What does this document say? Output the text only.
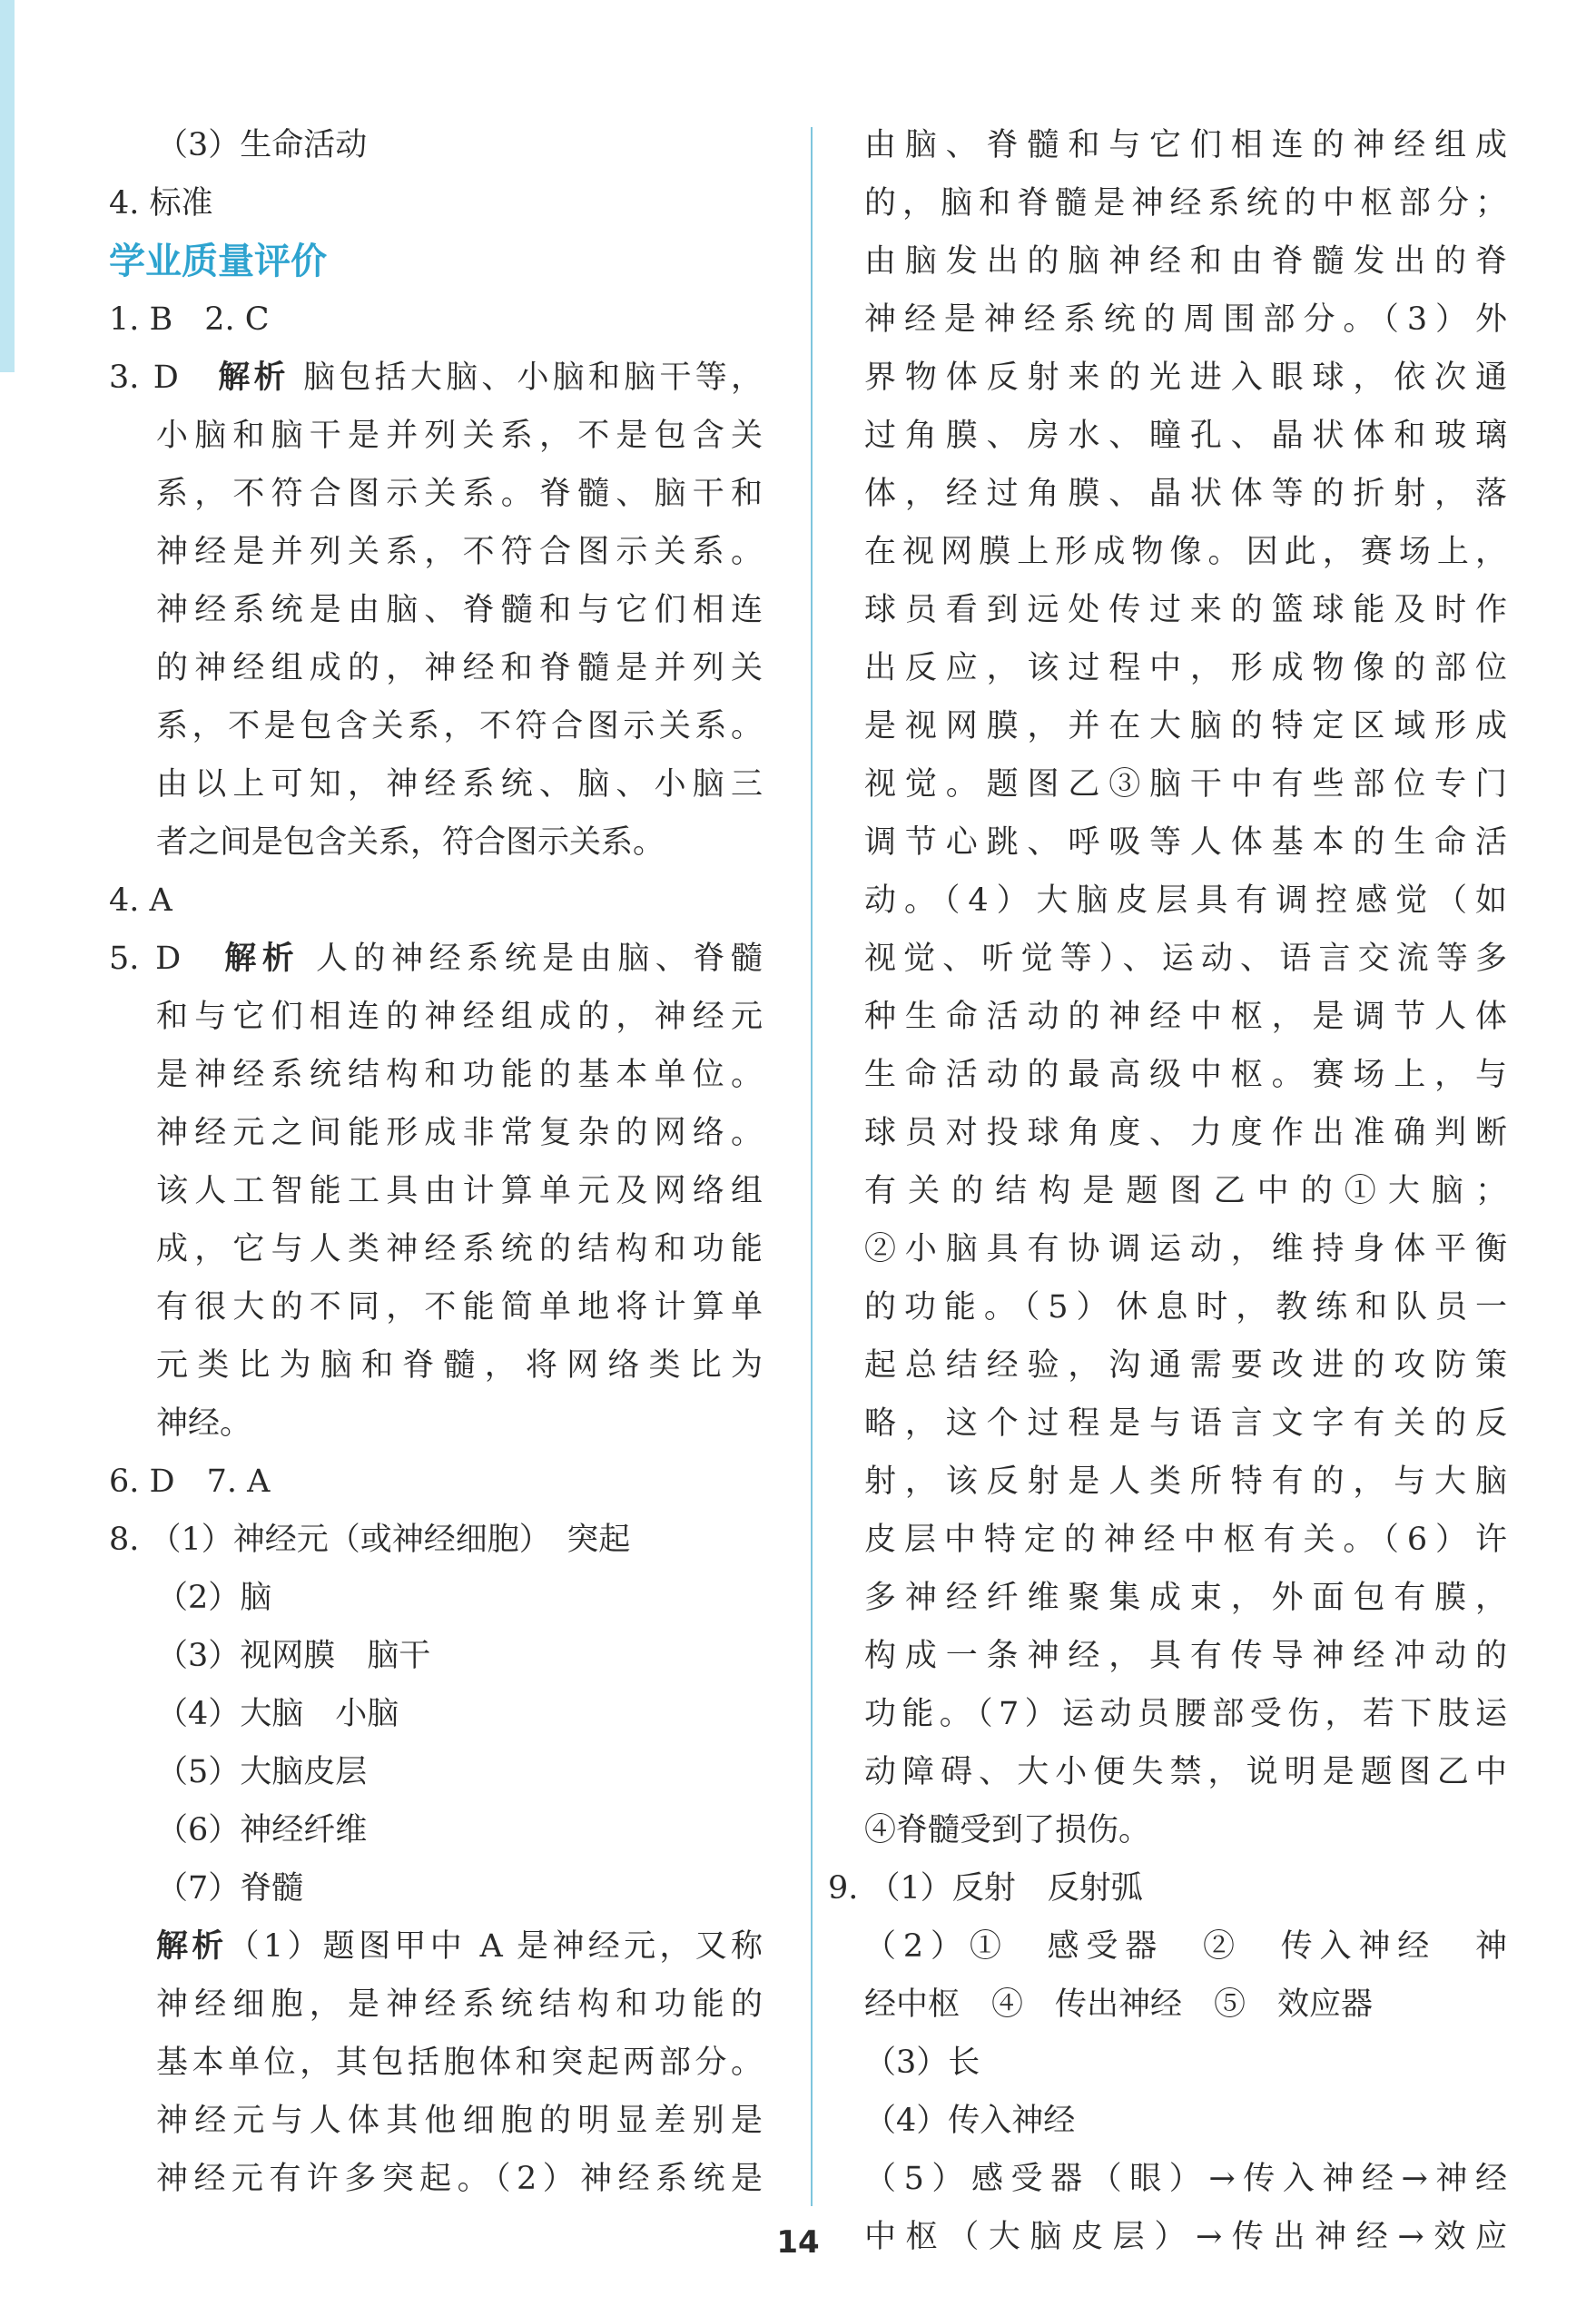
（3）生命活动
4. 标准
学业质量评价
1. B　2. C
3. D　解析 脑包括大脑、小脑和脑干等，
小脑和脑干是并列关系，不是包含关
系，不符合图示关系。脊髓、脑干和
神经是并列关系，不符合图示关系。
神经系统是由脑、脊髓和与它们相连
的神经组成的，神经和脊髓是并列关
系，不是包含关系，不符合图示关系。
由以上可知，神经系统、脑、小脑三
者之间是包含关系，符合图示关系。
4. A
5. D　解析 人的神经系统是由脑、脊髓
和与它们相连的神经组成的，神经元
是神经系统结构和功能的基本单位。
神经元之间能形成非常复杂的网络。
该人工智能工具由计算单元及网络组
成，它与人类神经系统的结构和功能
有很大的不同，不能简单地将计算单
元类比为脑和脊髓，将网络类比为
神经。
6. D　7. A
8. （1）神经元（或神经细胞）　突起
（2）脑
（3）视网膜　脑干
（4）大脑　小脑
（5）大脑皮层
（6）神经纤维
（7）脊髓
解析（1）题图甲中 A 是神经元，又称
神经细胞，是神经系统结构和功能的
基本单位，其包括胞体和突起两部分。
神经元与人体其他细胞的明显差别是
神经元有许多突起。（2）神经系统是
由脑、脊髓和与它们相连的神经组成
的，脑和脊髓是神经系统的中枢部分；
由脑发出的脑神经和由脊髓发出的脊
神经是神经系统的周围部分。（3）外
界物体反射来的光进入眼球，依次通
过角膜、房水、瞳孔、晶状体和玻璃
体，经过角膜、晶状体等的折射，落
在视网膜上形成物像。因此，赛场上，
球员看到远处传过来的篮球能及时作
出反应，该过程中，形成物像的部位
是视网膜，并在大脑的特定区域形成
视觉。题图乙③脑干中有些部位专门
调节心跳、呼吸等人体基本的生命活
动。（4）大脑皮层具有调控感觉（如
视觉、听觉等）、运动、语言交流等多
种生命活动的神经中枢，是调节人体
生命活动的最高级中枢。赛场上，与
球员对投球角度、力度作出准确判断
有关的结构是题图乙中的①大脑；
②小脑具有协调运动，维持身体平衡
的功能。（5）休息时，教练和队员一
起总结经验，沟通需要改进的攻防策
略，这个过程是与语言文字有关的反
射，该反射是人类所特有的，与大脑
皮层中特定的神经中枢有关。（6）许
多神经纤维聚集成束，外面包有膜，
构成一条神经，具有传导神经冲动的
功能。（7）运动员腰部受伤，若下肢运
动障碍、大小便失禁，说明是题图乙中
④脊髓受到了损伤。
9. （1）反射　反射弧
（2）①　感受器　②　传入神经　神
经中枢　④　传出神经　⑤　效应器
（3）长
（4）传入神经
（5）感受器（眼）→传入神经→神经
中枢（大脑皮层）→传出神经→效应
14
